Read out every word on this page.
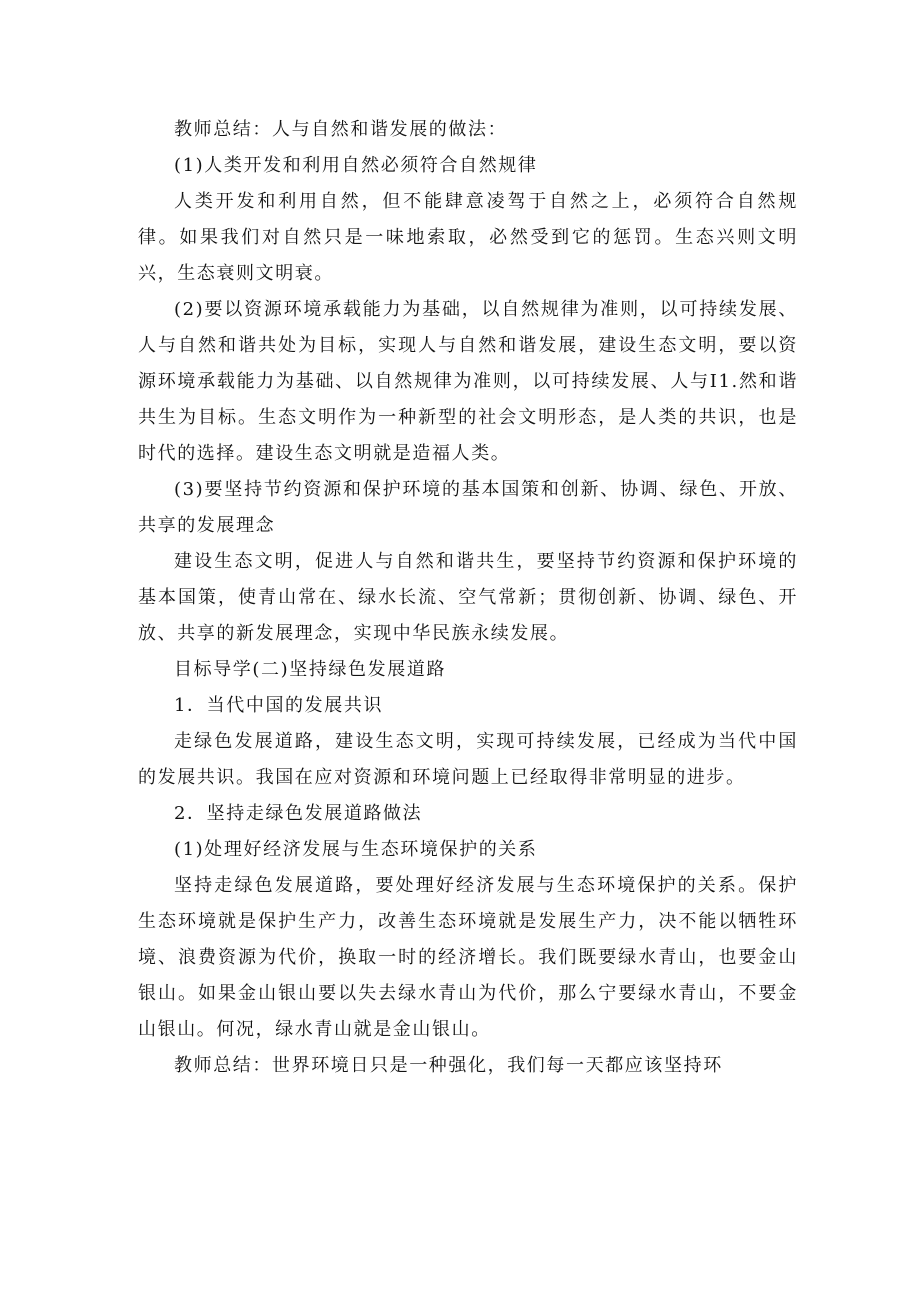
教师总结：人与自然和谐发展的做法：

(1)人类开发和利用自然必须符合自然规律

人类开发和利用自然，但不能肆意凌驾于自然之上，必须符合自然规律。如果我们对自然只是一味地索取，必然受到它的惩罚。生态兴则文明兴，生态衰则文明衰。

(2)要以资源环境承载能力为基础，以自然规律为准则，以可持续发展、人与自然和谐共处为目标，实现人与自然和谐发展，建设生态文明，要以资源环境承载能力为基础、以自然规律为准则，以可持续发展、人与I1.然和谐共生为目标。生态文明作为一种新型的社会文明形态，是人类的共识，也是时代的选择。建设生态文明就是造福人类。

(3)要坚持节约资源和保护环境的基本国策和创新、协调、绿色、开放、共享的发展理念

建设生态文明，促进人与自然和谐共生，要坚持节约资源和保护环境的基本国策，使青山常在、绿水长流、空气常新；贯彻创新、协调、绿色、开放、共享的新发展理念，实现中华民族永续发展。

目标导学(二)坚持绿色发展道路

1．当代中国的发展共识

走绿色发展道路，建设生态文明，实现可持续发展，已经成为当代中国的发展共识。我国在应对资源和环境问题上已经取得非常明显的进步。

2．坚持走绿色发展道路做法

(1)处理好经济发展与生态环境保护的关系

坚持走绿色发展道路，要处理好经济发展与生态环境保护的关系。保护生态环境就是保护生产力，改善生态环境就是发展生产力，决不能以牺牲环境、浪费资源为代价，换取一时的经济增长。我们既要绿水青山，也要金山银山。如果金山银山要以失去绿水青山为代价，那么宁要绿水青山，不要金山银山。何况，绿水青山就是金山银山。

教师总结：世界环境日只是一种强化，我们每一天都应该坚持环
